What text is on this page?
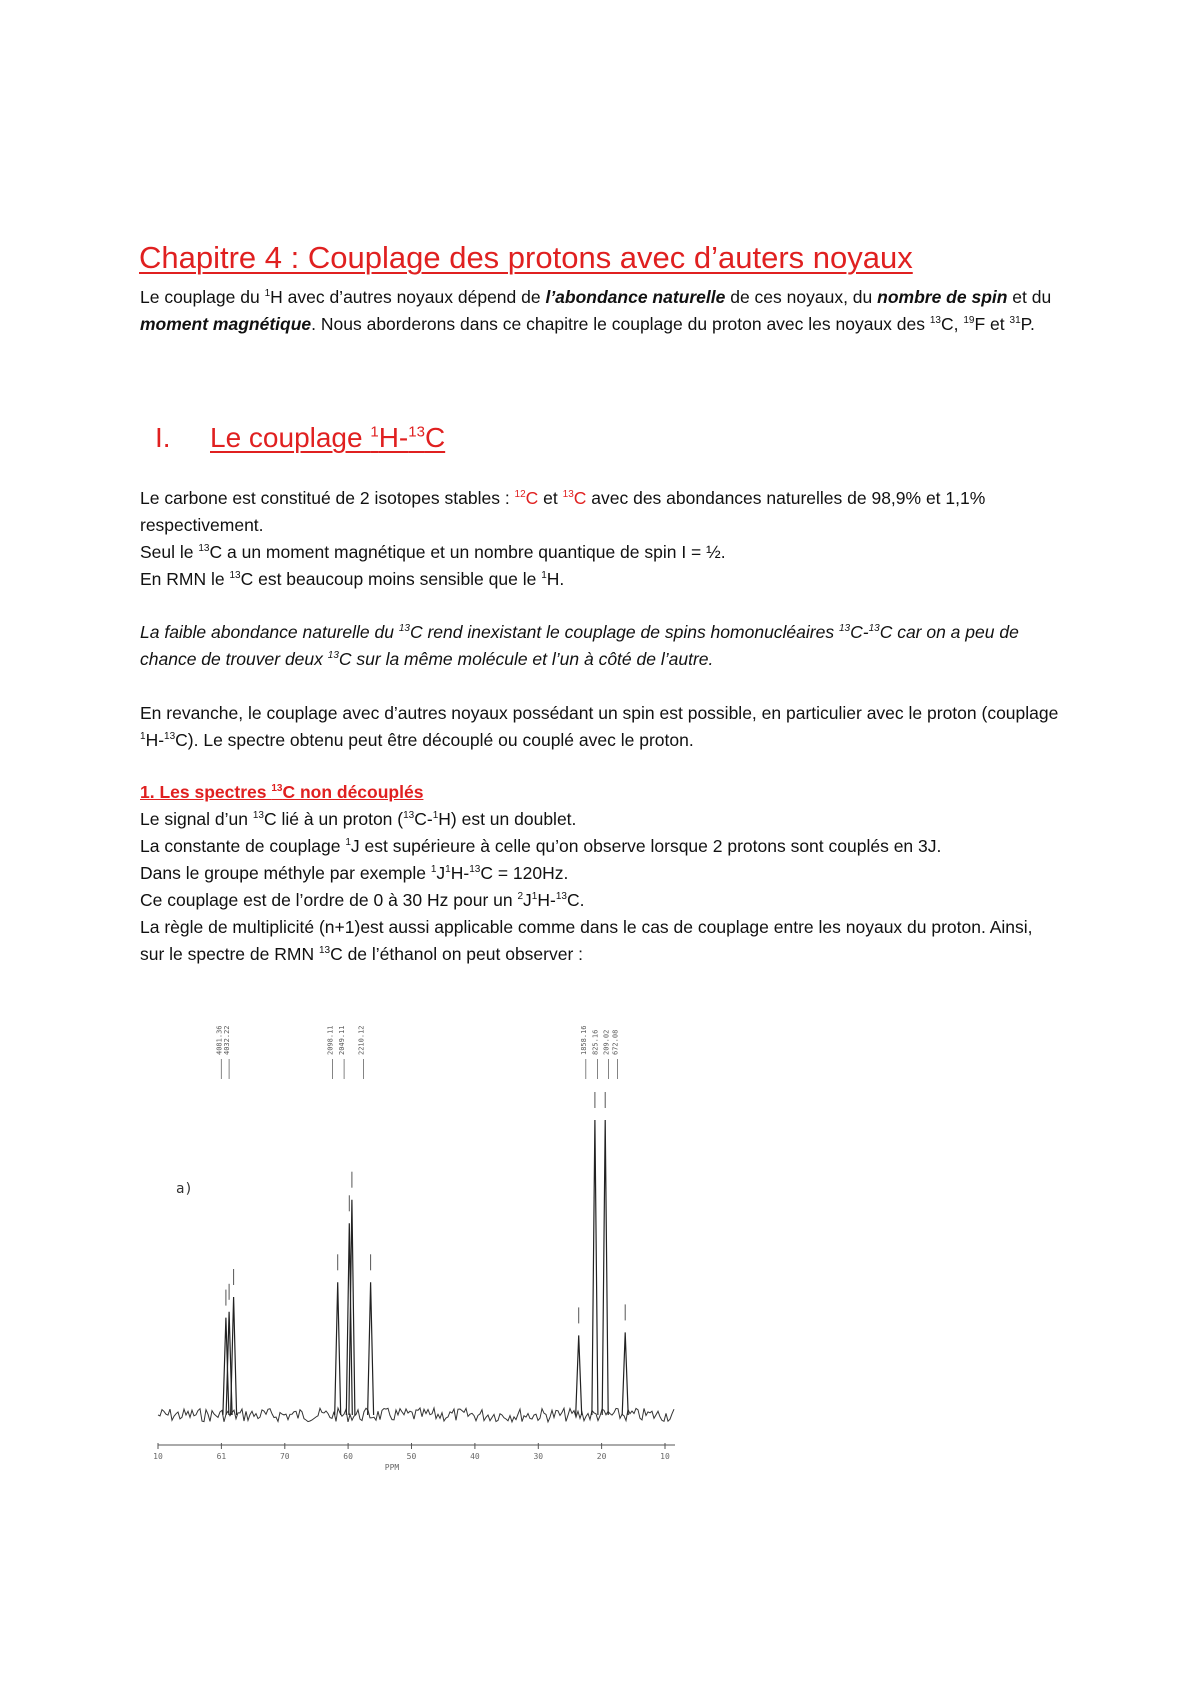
Chapitre 4 : Couplage des protons avec d’auters noyaux
Le couplage du $^1$H avec d’autres noyaux dépend de l’abondance naturelle de ces noyaux, du nombre de spin et du moment magnétique. Nous aborderons dans ce chapitre le couplage du proton avec les noyaux des $^{13}$C, $^{19}$F et $^{31}$P.
I. Le couplage $^1$H-$^{13}$C
Le carbone est constitué de 2 isotopes stables : $^{12}$C et $^{13}$C avec des abondances naturelles de 98,9% et 1,1% respectivement.
Seul le $^{13}$C a un moment magnétique et un nombre quantique de spin I = ½.
En RMN le $^{13}$C est beaucoup moins sensible que le $^1$H.
La faible abondance naturelle du $^{13}$C rend inexistant le couplage de spins homonucléaires $^{13}$C-$^{13}$C car on a peu de chance de trouver deux $^{13}$C sur la même molécule et l’un à côté de l’autre.
En revanche, le couplage avec d’autres noyaux possédant un spin est possible, en particulier avec le proton (couplage $^1$H-$^{13}$C). Le spectre obtenu peut être découplé ou couplé avec le proton.
1. Les spectres $^{13}$C non découplés
Le signal d’un $^{13}$C lié à un proton ($^{13}$C-$^1$H) est un doublet.
La constante de couplage $^1$J est supérieure à celle qu’on observe lorsque 2 protons sont couplés en 3J.
Dans le groupe méthyle par exemple $^1J^1H-^{13}C = 120Hz$.
Ce couplage est de l’ordre de 0 à 30 Hz pour un $^2J^1H-^{13}C$.
La règle de multiplicité (n+1)est aussi applicable comme dans le cas de couplage entre les noyaux du proton. Ainsi, sur le spectre de RMN $^{13}$C de l’éthanol on peut observer :
4081.36 4032.22	2098.11 2049.11 2210.12	1858.16 825.16 209.02 672.08
a)
10	61	70	60	50	40	30	20	10
PPM
